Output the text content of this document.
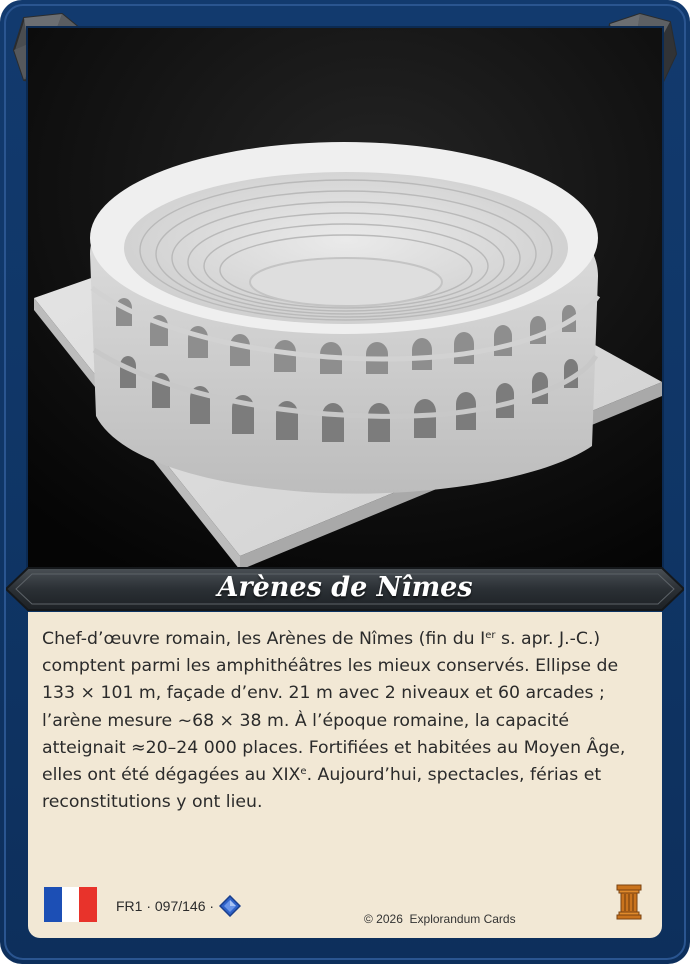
Arènes de Nîmes

Chef-d’œuvre romain, les Arènes de Nîmes (fin du Ier s. apr. J.-C.) comptent parmi les amphithéâtres les mieux conservés. Ellipse de 133 × 101 m, façade d’env. 21 m avec 2 niveaux et 60 arcades ; l’arène mesure ~68 × 38 m. À l’époque romaine, la capacité atteignait ≈20–24 000 places. Fortifiées et habitées au Moyen Âge, elles ont été dégagées au XIXe. Aujourd’hui, spectacles, férias et reconstitutions y ont lieu.

FR1 · 097/146 ·
© 2026  Explorandum Cards
